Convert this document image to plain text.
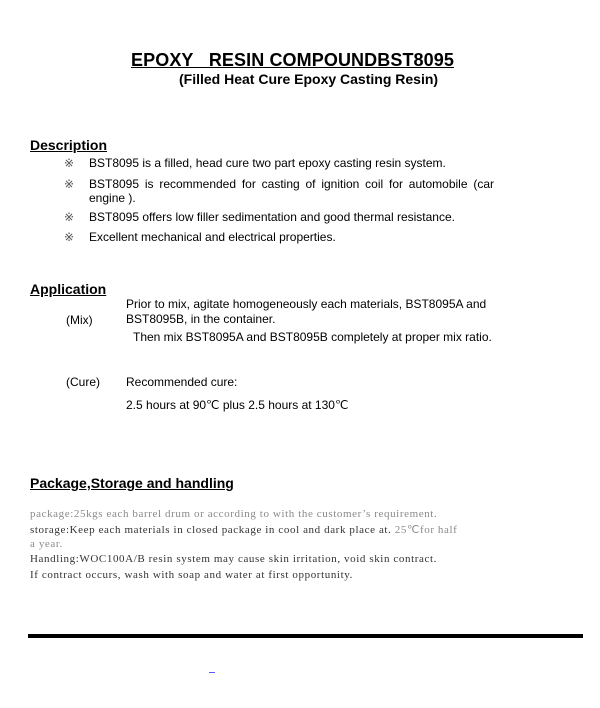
EPOXY   RESIN COMPOUNDBST8095
(Filled Heat Cure Epoxy Casting Resin)
Description
※ BST8095 is a filled, head cure two part epoxy casting resin system.
※ BST8095 is recommended for casting of ignition coil for automobile (car engine ).
※ BST8095 offers low filler sedimentation and good thermal resistance.
※ Excellent mechanical and electrical properties.
Application
Prior to mix, agitate homogeneously each materials, BST8095A and
(Mix)	BST8095B, in the container.
Then mix BST8095A and BST8095B completely at proper mix ratio.
(Cure) Recommended cure:
2.5 hours at 90℃ plus 2.5 hours at 130℃
Package,Storage and handling
package:25kgs each barrel drum or according to with the customer’s requirement.
storage:Keep each materials in closed package in cool and dark place at. 25℃for half
a year.
Handling:WOC100A/B resin system may cause skin irritation, void skin contract.
If contract occurs, wash with soap and water at first opportunity.
